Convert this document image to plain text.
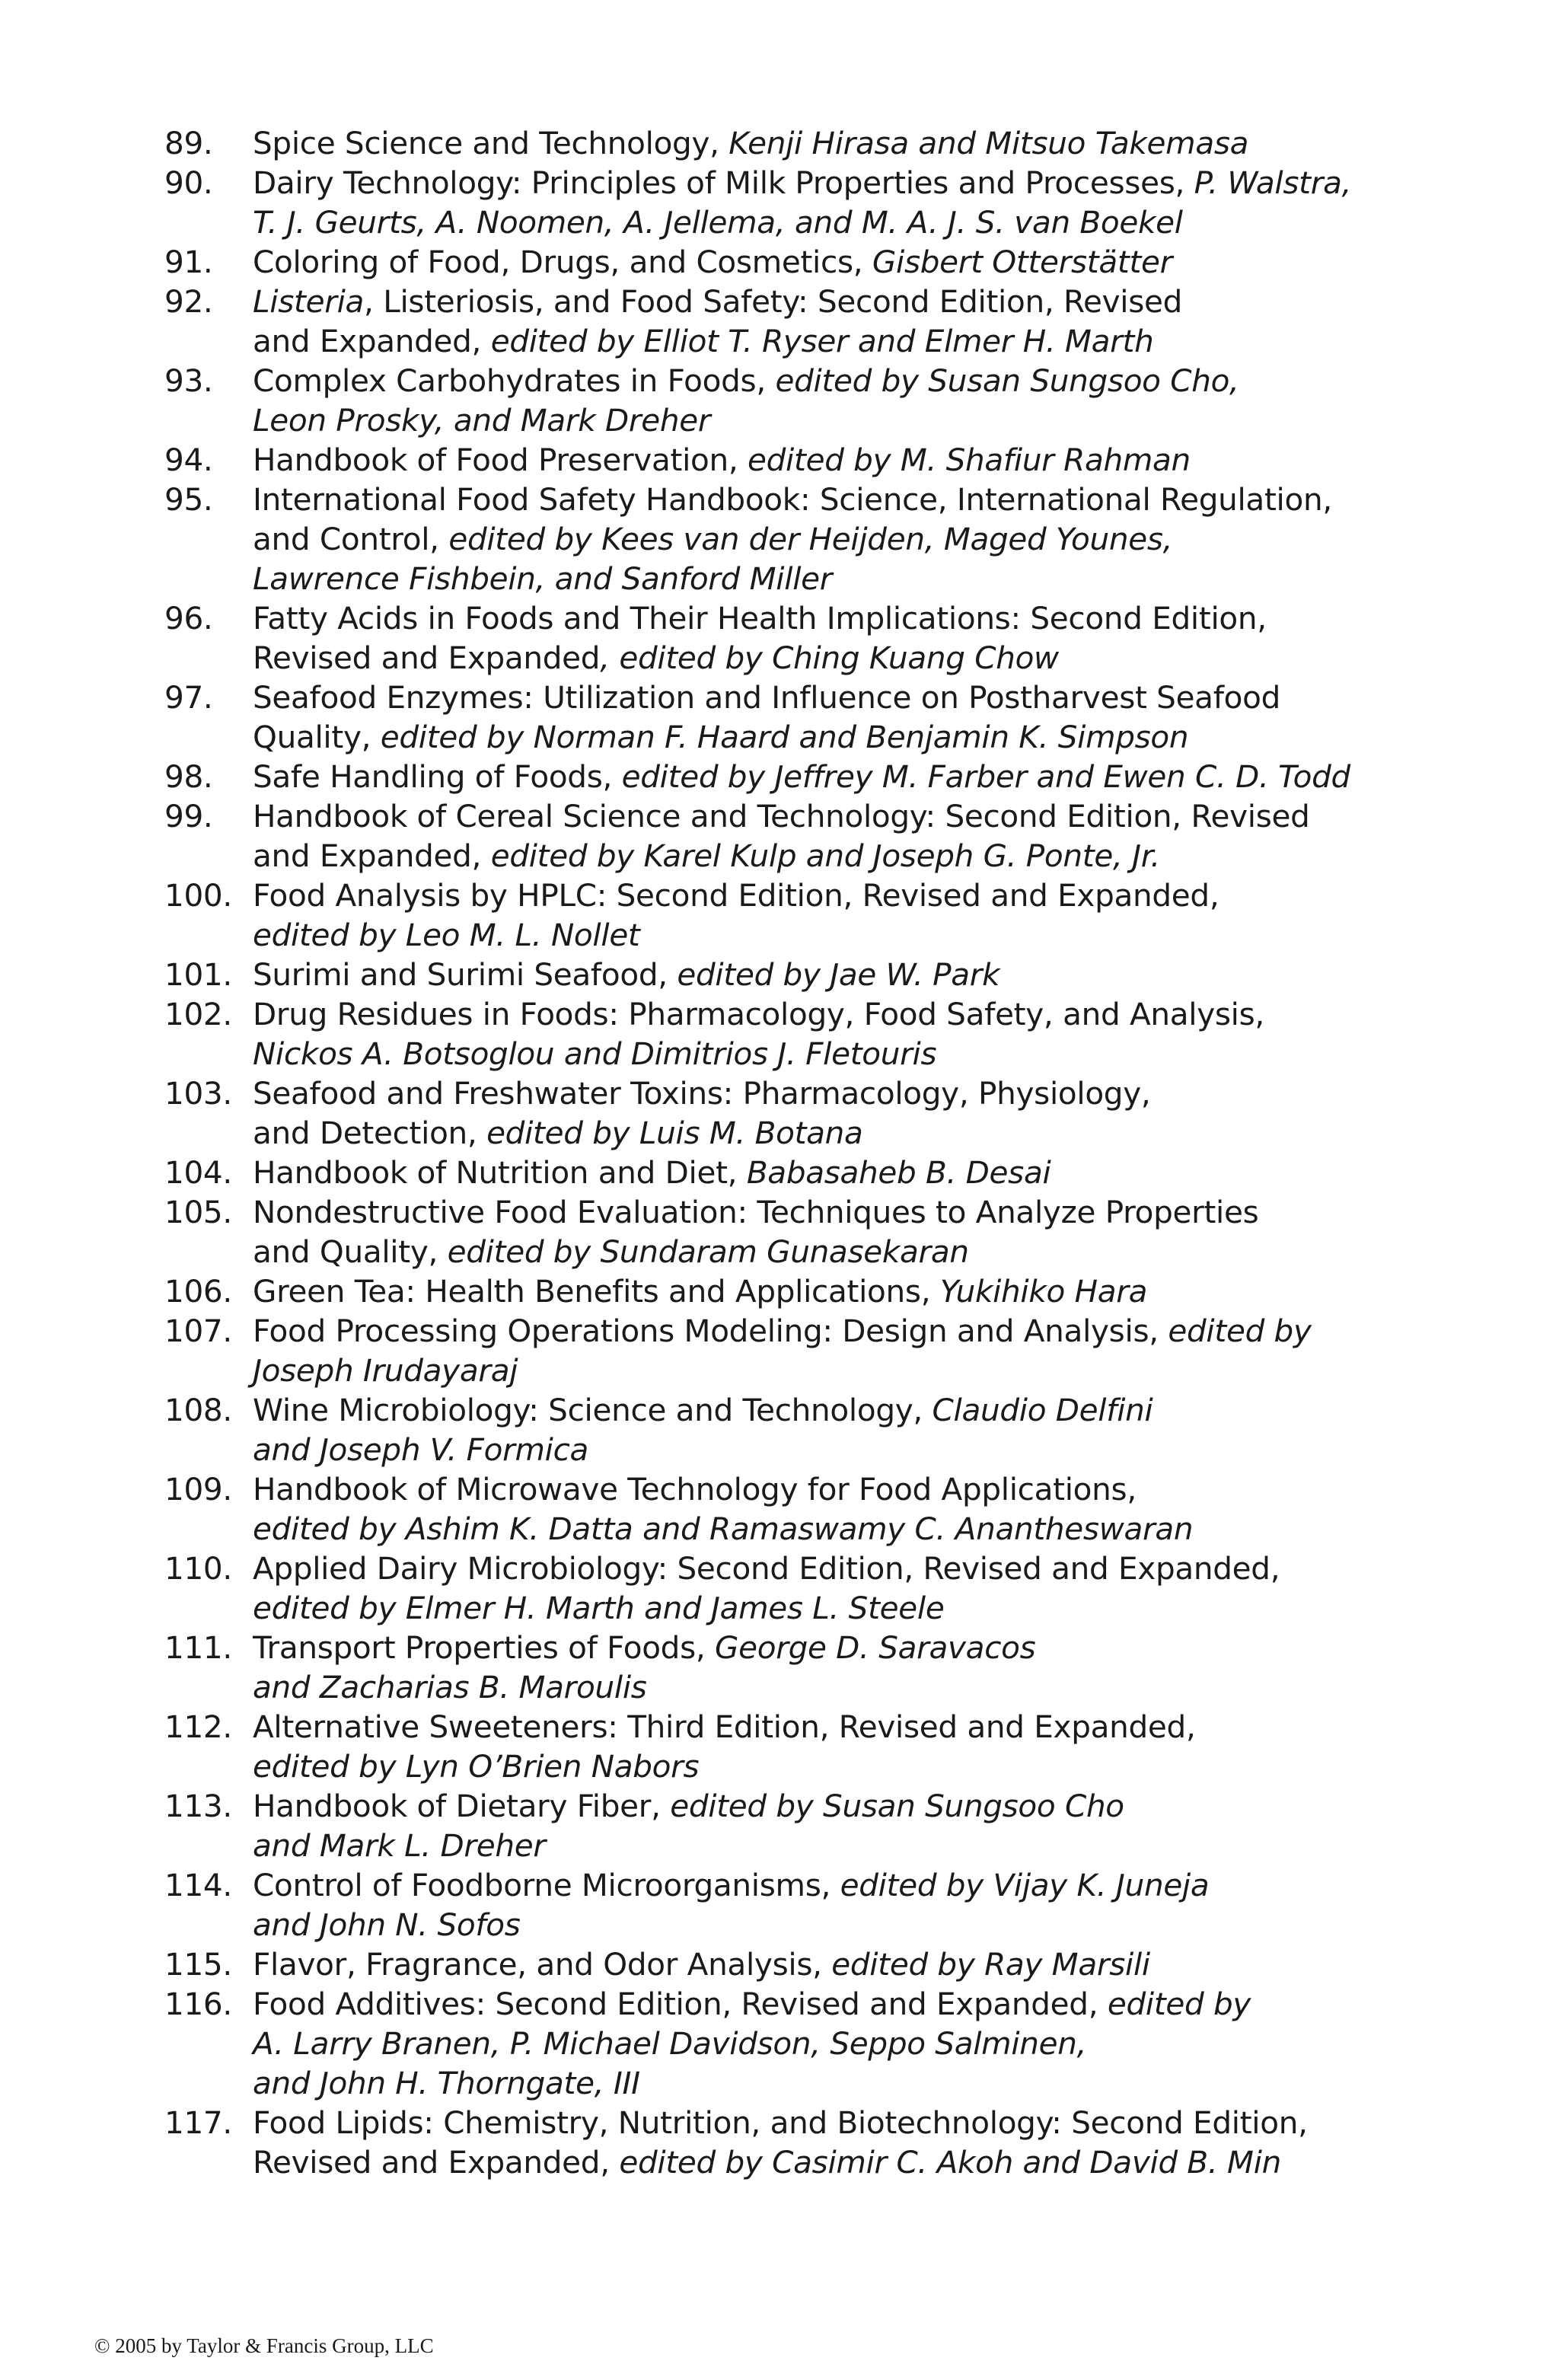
89.	Spice Science and Technology, Kenji Hirasa and Mitsuo Takemasa
90.	Dairy Technology: Principles of Milk Properties and Processes, P. Walstra,
T. J. Geurts, A. Noomen, A. Jellema, and M. A. J. S. van Boekel
91.	Coloring of Food, Drugs, and Cosmetics, Gisbert Otterstätter
92.	Listeria, Listeriosis, and Food Safety: Second Edition, Revised
and Expanded, edited by Elliot T. Ryser and Elmer H. Marth
93.	Complex Carbohydrates in Foods, edited by Susan Sungsoo Cho,
Leon Prosky, and Mark Dreher
94.	Handbook of Food Preservation, edited by M. Shafiur Rahman
95.	International Food Safety Handbook: Science, International Regulation,
and Control, edited by Kees van der Heijden, Maged Younes,
Lawrence Fishbein, and Sanford Miller
96.	Fatty Acids in Foods and Their Health Implications: Second Edition,
Revised and Expanded, edited by Ching Kuang Chow
97.	Seafood Enzymes: Utilization and Influence on Postharvest Seafood
Quality, edited by Norman F. Haard and Benjamin K. Simpson
98.	Safe Handling of Foods, edited by Jeffrey M. Farber and Ewen C. D. Todd
99.	Handbook of Cereal Science and Technology: Second Edition, Revised
and Expanded, edited by Karel Kulp and Joseph G. Ponte, Jr.
100. Food Analysis by HPLC: Second Edition, Revised and Expanded,
edited by Leo M. L. Nollet
101. Surimi and Surimi Seafood, edited by Jae W. Park
102. Drug Residues in Foods: Pharmacology, Food Safety, and Analysis,
Nickos A. Botsoglou and Dimitrios J. Fletouris
103. Seafood and Freshwater Toxins: Pharmacology, Physiology,
and Detection, edited by Luis M. Botana
104. Handbook of Nutrition and Diet, Babasaheb B. Desai
105. Nondestructive Food Evaluation: Techniques to Analyze Properties
and Quality, edited by Sundaram Gunasekaran
106. Green Tea: Health Benefits and Applications, Yukihiko Hara
107. Food Processing Operations Modeling: Design and Analysis, edited by
Joseph Irudayaraj
108. Wine Microbiology: Science and Technology, Claudio Delfini
and Joseph V. Formica
109. Handbook of Microwave Technology for Food Applications,
edited by Ashim K. Datta and Ramaswamy C. Anantheswaran
110. Applied Dairy Microbiology: Second Edition, Revised and Expanded,
edited by Elmer H. Marth and James L. Steele
111. Transport Properties of Foods, George D. Saravacos
and Zacharias B. Maroulis
112. Alternative Sweeteners: Third Edition, Revised and Expanded,
edited by Lyn O’Brien Nabors
113. Handbook of Dietary Fiber, edited by Susan Sungsoo Cho
and Mark L. Dreher
114. Control of Foodborne Microorganisms, edited by Vijay K. Juneja
and John N. Sofos
115. Flavor, Fragrance, and Odor Analysis, edited by Ray Marsili
116. Food Additives: Second Edition, Revised and Expanded, edited by
A. Larry Branen, P. Michael Davidson, Seppo Salminen,
and John H. Thorngate, III
117. Food Lipids: Chemistry, Nutrition, and Biotechnology: Second Edition,
Revised and Expanded, edited by Casimir C. Akoh and David B. Min
© 2005 by Taylor & Francis Group, LLC
